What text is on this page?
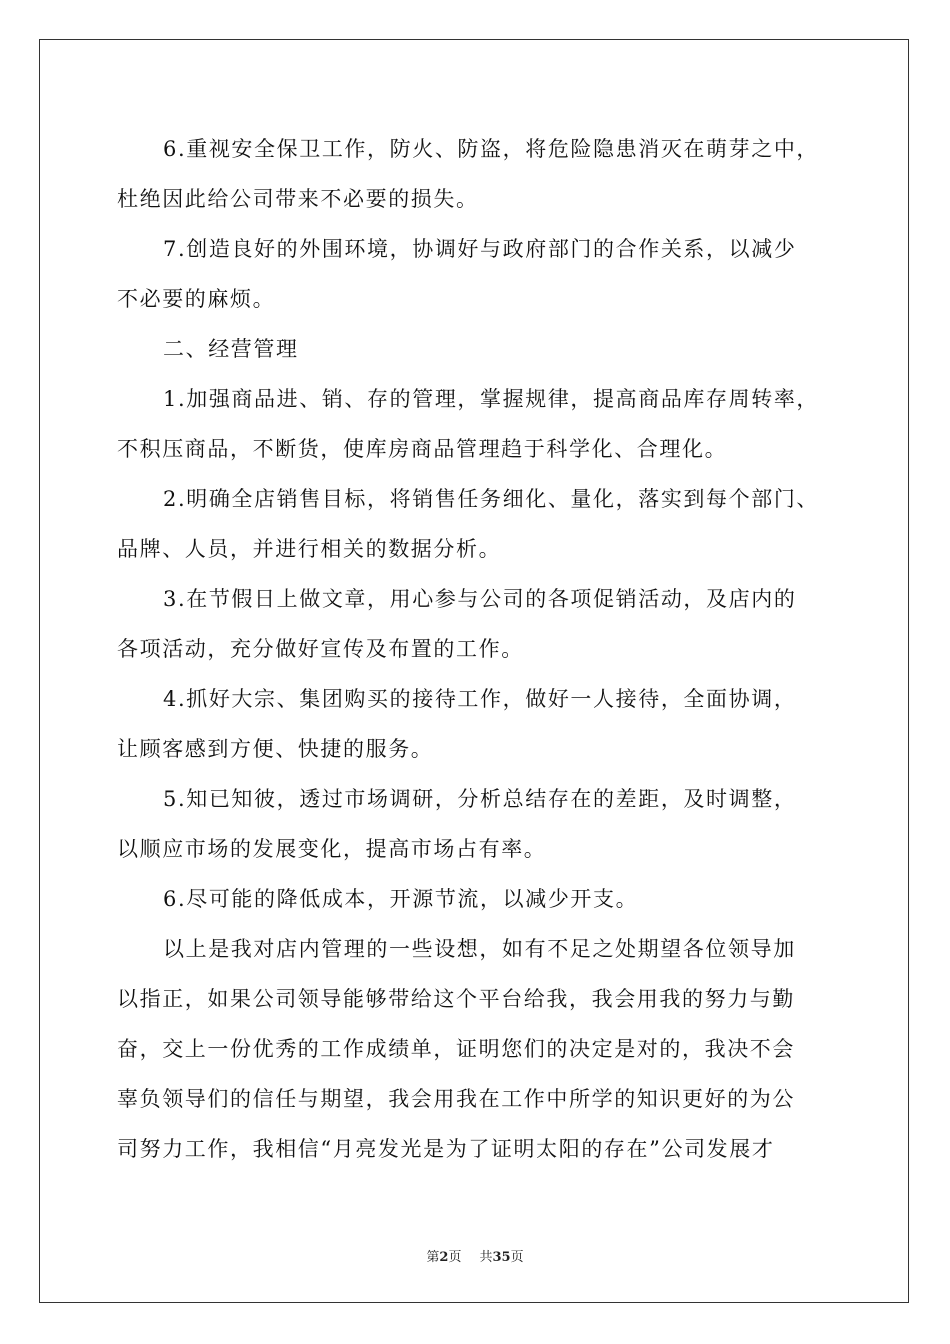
6.重视安全保卫工作，防火、防盗，将危险隐患消灭在萌芽之中，
杜绝因此给公司带来不必要的损失。

7.创造良好的外围环境，协调好与政府部门的合作关系，以减少
不必要的麻烦。

二、经营管理

1.加强商品进、销、存的管理，掌握规律，提高商品库存周转率，
不积压商品，不断货，使库房商品管理趋于科学化、合理化。

2.明确全店销售目标，将销售任务细化、量化，落实到每个部门、
品牌、人员，并进行相关的数据分析。

3.在节假日上做文章，用心参与公司的各项促销活动，及店内的
各项活动，充分做好宣传及布置的工作。

4.抓好大宗、集团购买的接待工作，做好一人接待，全面协调，
让顾客感到方便、快捷的服务。

5.知已知彼，透过市场调研，分析总结存在的差距，及时调整，
以顺应市场的发展变化，提高市场占有率。

6.尽可能的降低成本，开源节流，以减少开支。

以上是我对店内管理的一些设想，如有不足之处期望各位领导加
以指正，如果公司领导能够带给这个平台给我，我会用我的努力与勤
奋，交上一份优秀的工作成绩单，证明您们的决定是对的，我决不会
辜负领导们的信任与期望，我会用我在工作中所学的知识更好的为公
司努力工作，我相信“月亮发光是为了证明太阳的存在”公司发展才

第2页 共35页
